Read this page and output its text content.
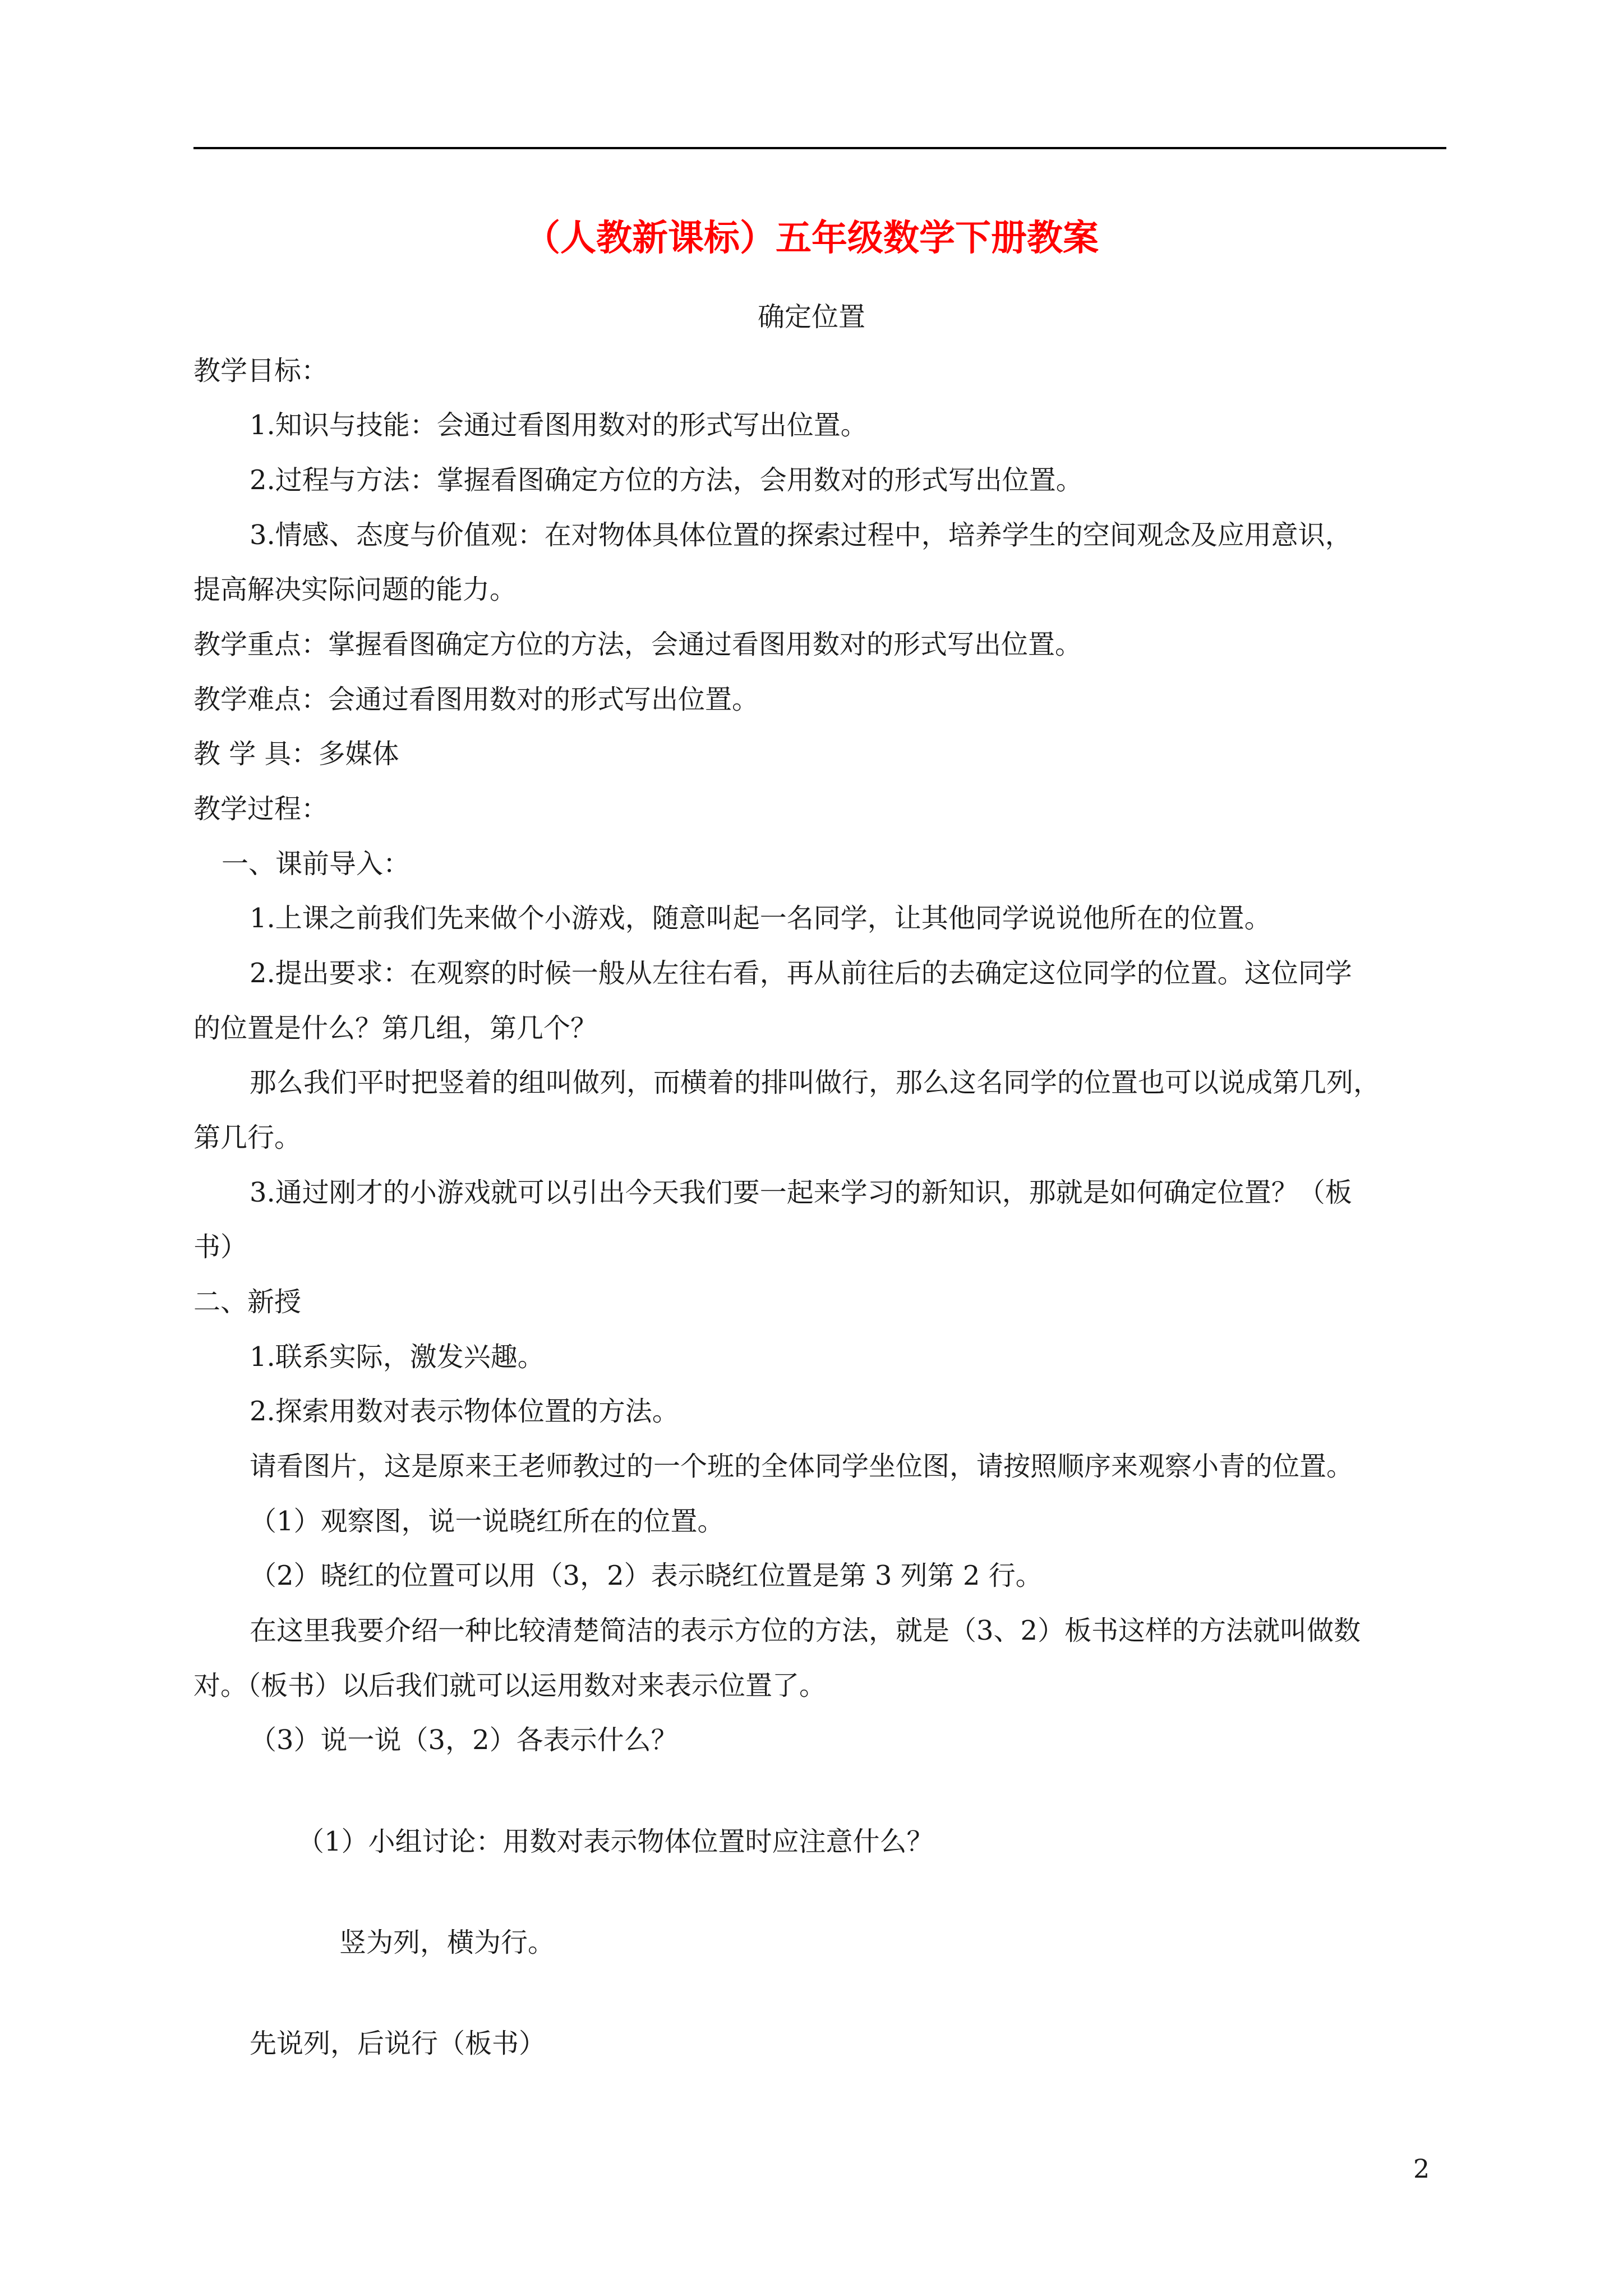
（人教新课标）五年级数学下册教案
确定位置
教学目标：
1.知识与技能：会通过看图用数对的形式写出位置。
2.过程与方法：掌握看图确定方位的方法，会用数对的形式写出位置。
3.情感、态度与价值观：在对物体具体位置的探索过程中，培养学生的空间观念及应用意识，
提高解决实际问题的能力。
教学重点：掌握看图确定方位的方法，会通过看图用数对的形式写出位置。
教学难点：会通过看图用数对的形式写出位置。
教 学 具：多媒体
教学过程：
一、课前导入：
1.上课之前我们先来做个小游戏，随意叫起一名同学，让其他同学说说他所在的位置。
2.提出要求：在观察的时候一般从左往右看，再从前往后的去确定这位同学的位置。这位同学
的位置是什么？第几组，第几个？
那么我们平时把竖着的组叫做列，而横着的排叫做行，那么这名同学的位置也可以说成第几列，
第几行。
3.通过刚才的小游戏就可以引出今天我们要一起来学习的新知识，那就是如何确定位置？（板
书）
二、新授
1.联系实际，激发兴趣。
2.探索用数对表示物体位置的方法。
请看图片，这是原来王老师教过的一个班的全体同学坐位图，请按照顺序来观察小青的位置。
（1）观察图，说一说晓红所在的位置。
（2）晓红的位置可以用（3，2）表示晓红位置是第 3 列第 2 行。
在这里我要介绍一种比较清楚简洁的表示方位的方法，就是（3、2）板书这样的方法就叫做数
对。（板书）以后我们就可以运用数对来表示位置了。
（3）说一说（3，2）各表示什么？
（1）小组讨论：用数对表示物体位置时应注意什么？
竖为列，横为行。
先说列，后说行（板书）
2
